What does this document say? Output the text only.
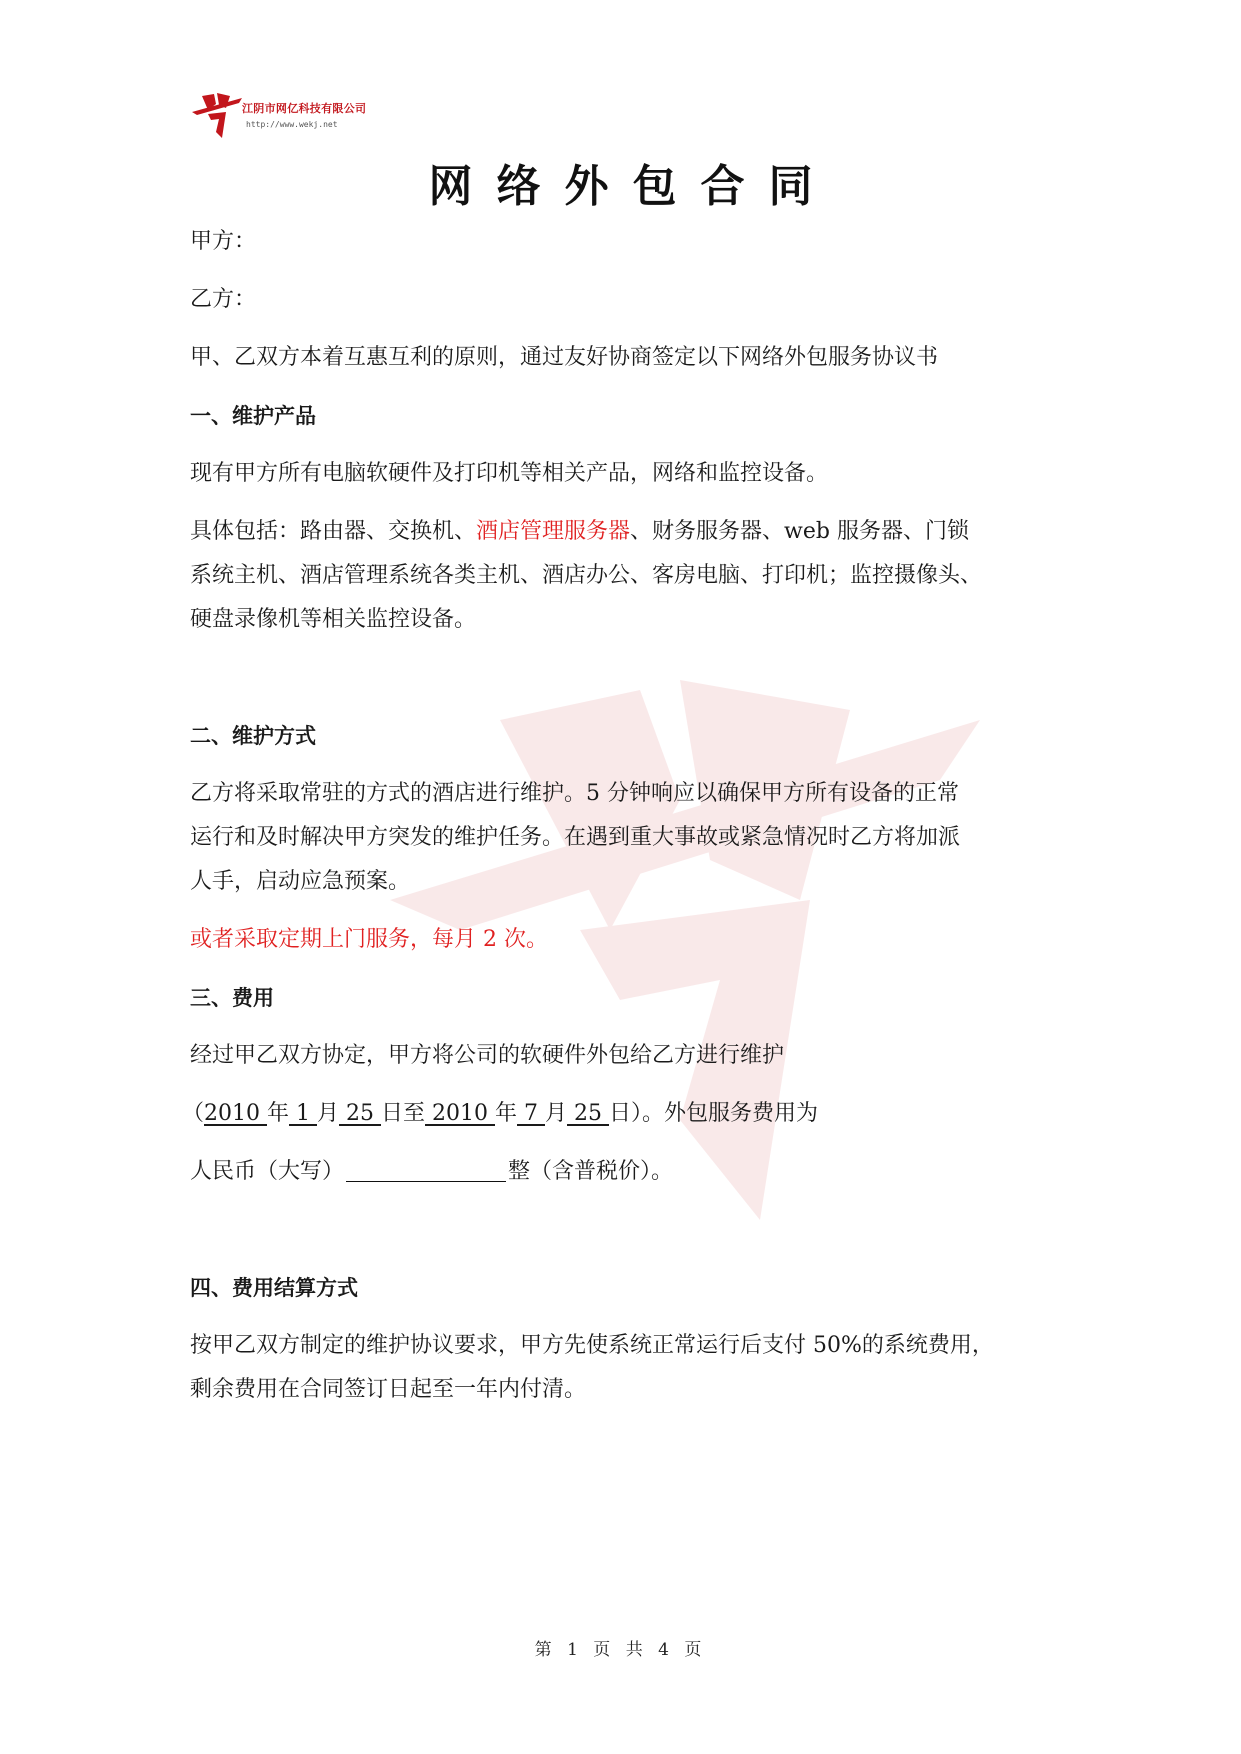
江阴市网亿科技有限公司
http://www.wekj.net
网络外包合同
甲方：
乙方：
甲、乙双方本着互惠互利的原则，通过友好协商签定以下网络外包服务协议书
一、维护产品
现有甲方所有电脑软硬件及打印机等相关产品，网络和监控设备。
具体包括：路由器、交换机、酒店管理服务器、财务服务器、web 服务器、门锁
系统主机、酒店管理系统各类主机、酒店办公、客房电脑、打印机；监控摄像头、
硬盘录像机等相关监控设备。
二、维护方式
乙方将采取常驻的方式的酒店进行维护。5 分钟响应以确保甲方所有设备的正常
运行和及时解决甲方突发的维护任务。在遇到重大事故或紧急情况时乙方将加派
人手，启动应急预案。
或者采取定期上门服务，每月 2 次。
三、费用
经过甲乙双方协定，甲方将公司的软硬件外包给乙方进行维护
（2010 年 1 月 25 日至 2010 年 7 月 25 日）。外包服务费用为
人民币（大写）	整（含普税价）。
四、费用结算方式
按甲乙双方制定的维护协议要求，甲方先使系统正常运行后支付 50%的系统费用，
剩余费用在合同签订日起至一年内付清。
第 1 页 共 4 页
